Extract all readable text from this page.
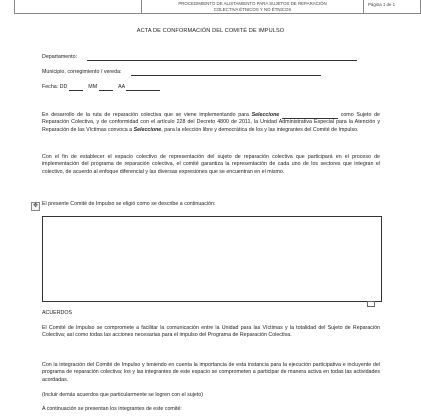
PROCEDIMIENTO DE ALISTAMIENTO PARA SUJETOS DE REPARACIÓN
COLECTIVA ÉTNICOS Y NO ÉTNICOS
Página 1 de 1
ACTA DE CONFORMACIÓN DEL COMITÉ DE IMPULSO
Departamento:
Municipio, corregimiento / vereda:
Fecha: DD	MM	AA
En desarrollo de la ruta de reparación colectiva que se viene implementando para Seleccione	como Sujeto de Reparación Colectiva, y de conformidad con el artículo 228 del Decreto 4800 de 2011, la Unidad Administrativa Especial para la Atención y Reparación de las Víctimas convoca a Seleccione, para la elección libre y democrática de los y las integrantes del Comité de Impulso.
Con el fin de establecer el espacio colectivo de representación del sujeto de reparación colectiva que participará en el proceso de implementación del programa de reparación colectiva, el comité garantiza la representación de cada uno de los sectores que integran el colectivo, de acuerdo al enfoque diferencial y las diversas expresiones que se encuentran en el mismo.
✥ El presente Comité de Impulso se eligió como se describe a continuación:
ACUERDOS
El Comité de Impulso se compromete a facilitar la comunicación entre la Unidad para las Víctimas y la totalidad del Sujeto de Reparación Colectiva; así como todas las acciones necesarias para el impulso del Programa de Reparación Colectiva.
Con la integración del Comité de Impulso y teniendo en cuenta la importancia de esta instancia para la ejecución participativa e incluyente del programa de reparación colectiva; los y las integrantes de este espacio se comprometen a participar de manera activa en todas las actividades acordadas.
(Incluir demás acuerdos que particularmente se logren con el sujeto)
A continuación se presentan los integrantes de este comité:
